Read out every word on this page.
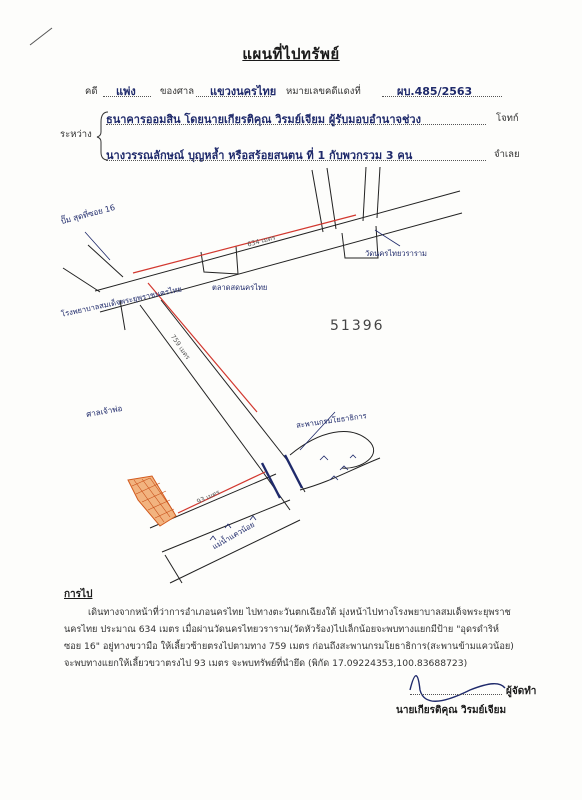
แผนที่ไปทรัพย์
คดี แพ่ง	ของศาล แขวงนครไทย หมายเลขคดีแดงที่	ผบ.485/2563
ระหว่าง
ธนาคารออมสิน โดยนายเกียรติคุณ วิรมย์เจียม ผู้รับมอบอำนาจช่วง	โจทก์
นางวรรณลักษณ์ บุญหล้ำ หรือสร้อยสนตน ที่ 1 กับพวกรวม 3 คน	จำเลย
ปั๊ม สุดที่ซอย 16
โรงพยาบาลสมเด็จพระยุพราชนครไทย	ตลาดสดนครไทย
วัดนครไทยวราราม
ศาลเจ้าพ่อ
634 เมตร
759 เมตร
93 เมตร
สะพานกรมโยธาธิการ
แม่น้ำแควน้อย
51396
การไป
เดินทางจากหน้าที่ว่าการอำเภอนครไทย ไปทางตะวันตกเฉียงใต้ มุ่งหน้าไปทางโรงพยาบาลสมเด็จพระยุพราชนครไทย ประมาณ 634 เมตร เมื่อผ่านวัดนครไทยวราราม(วัดหัวร้อง)ไปเล็กน้อยจะพบทางแยกมีป้าย "อุดรดำริห์ ซอย 16" อยู่ทางขวามือ ให้เลี้ยวซ้ายตรงไปตามทาง 759 เมตร ก่อนถึงสะพานกรมโยธาธิการ(สะพานข้ามแควน้อย) จะพบทางแยกให้เลี้ยวขวาตรงไป 93 เมตร จะพบทรัพย์ที่นำยึด (พิกัด 17.09224353,100.83688723)
ผู้จัดทำ
นายเกียรติคุณ วิรมย์เจียม
